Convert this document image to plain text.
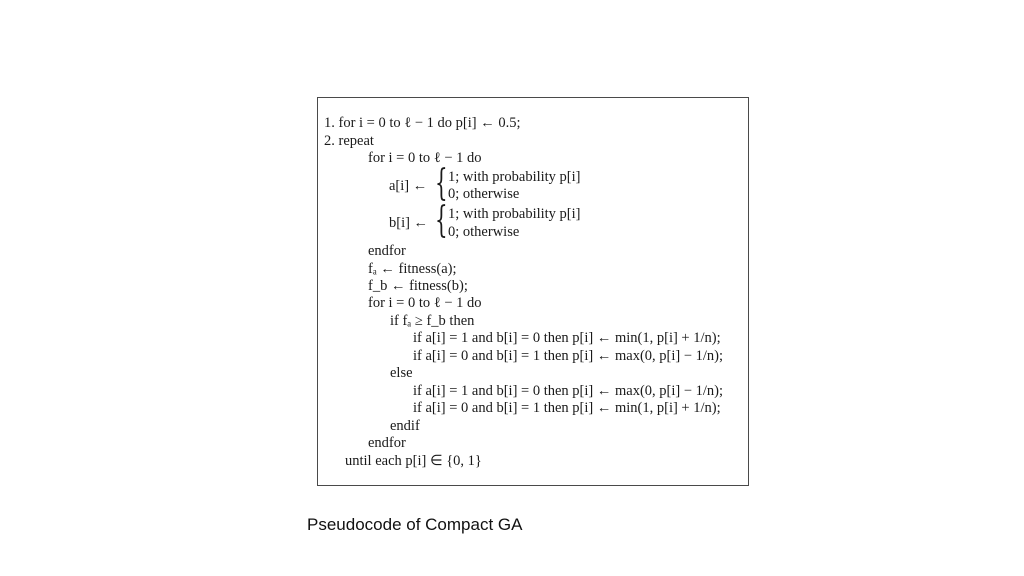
1. for i = 0 to ℓ − 1 do p[i] ← 0.5;
2. repeat
for i = 0 to ℓ − 1 do
a[i] ← { 1; with probability p[i]
0; otherwise
b[i] ← { 1; with probability p[i]
0; otherwise
endfor
fₐ ← fitness(a);
f_b ← fitness(b);
for i = 0 to ℓ − 1 do
if fₐ ≥ f_b then
if a[i] = 1 and b[i] = 0 then p[i] ← min(1, p[i] + 1/n);
if a[i] = 0 and b[i] = 1 then p[i] ← max(0, p[i] − 1/n);
else
if a[i] = 1 and b[i] = 0 then p[i] ← max(0, p[i] − 1/n);
if a[i] = 0 and b[i] = 1 then p[i] ← min(1, p[i] + 1/n);
endif
endfor
until each p[i] ∈ {0, 1}
Pseudocode of Compact GA
